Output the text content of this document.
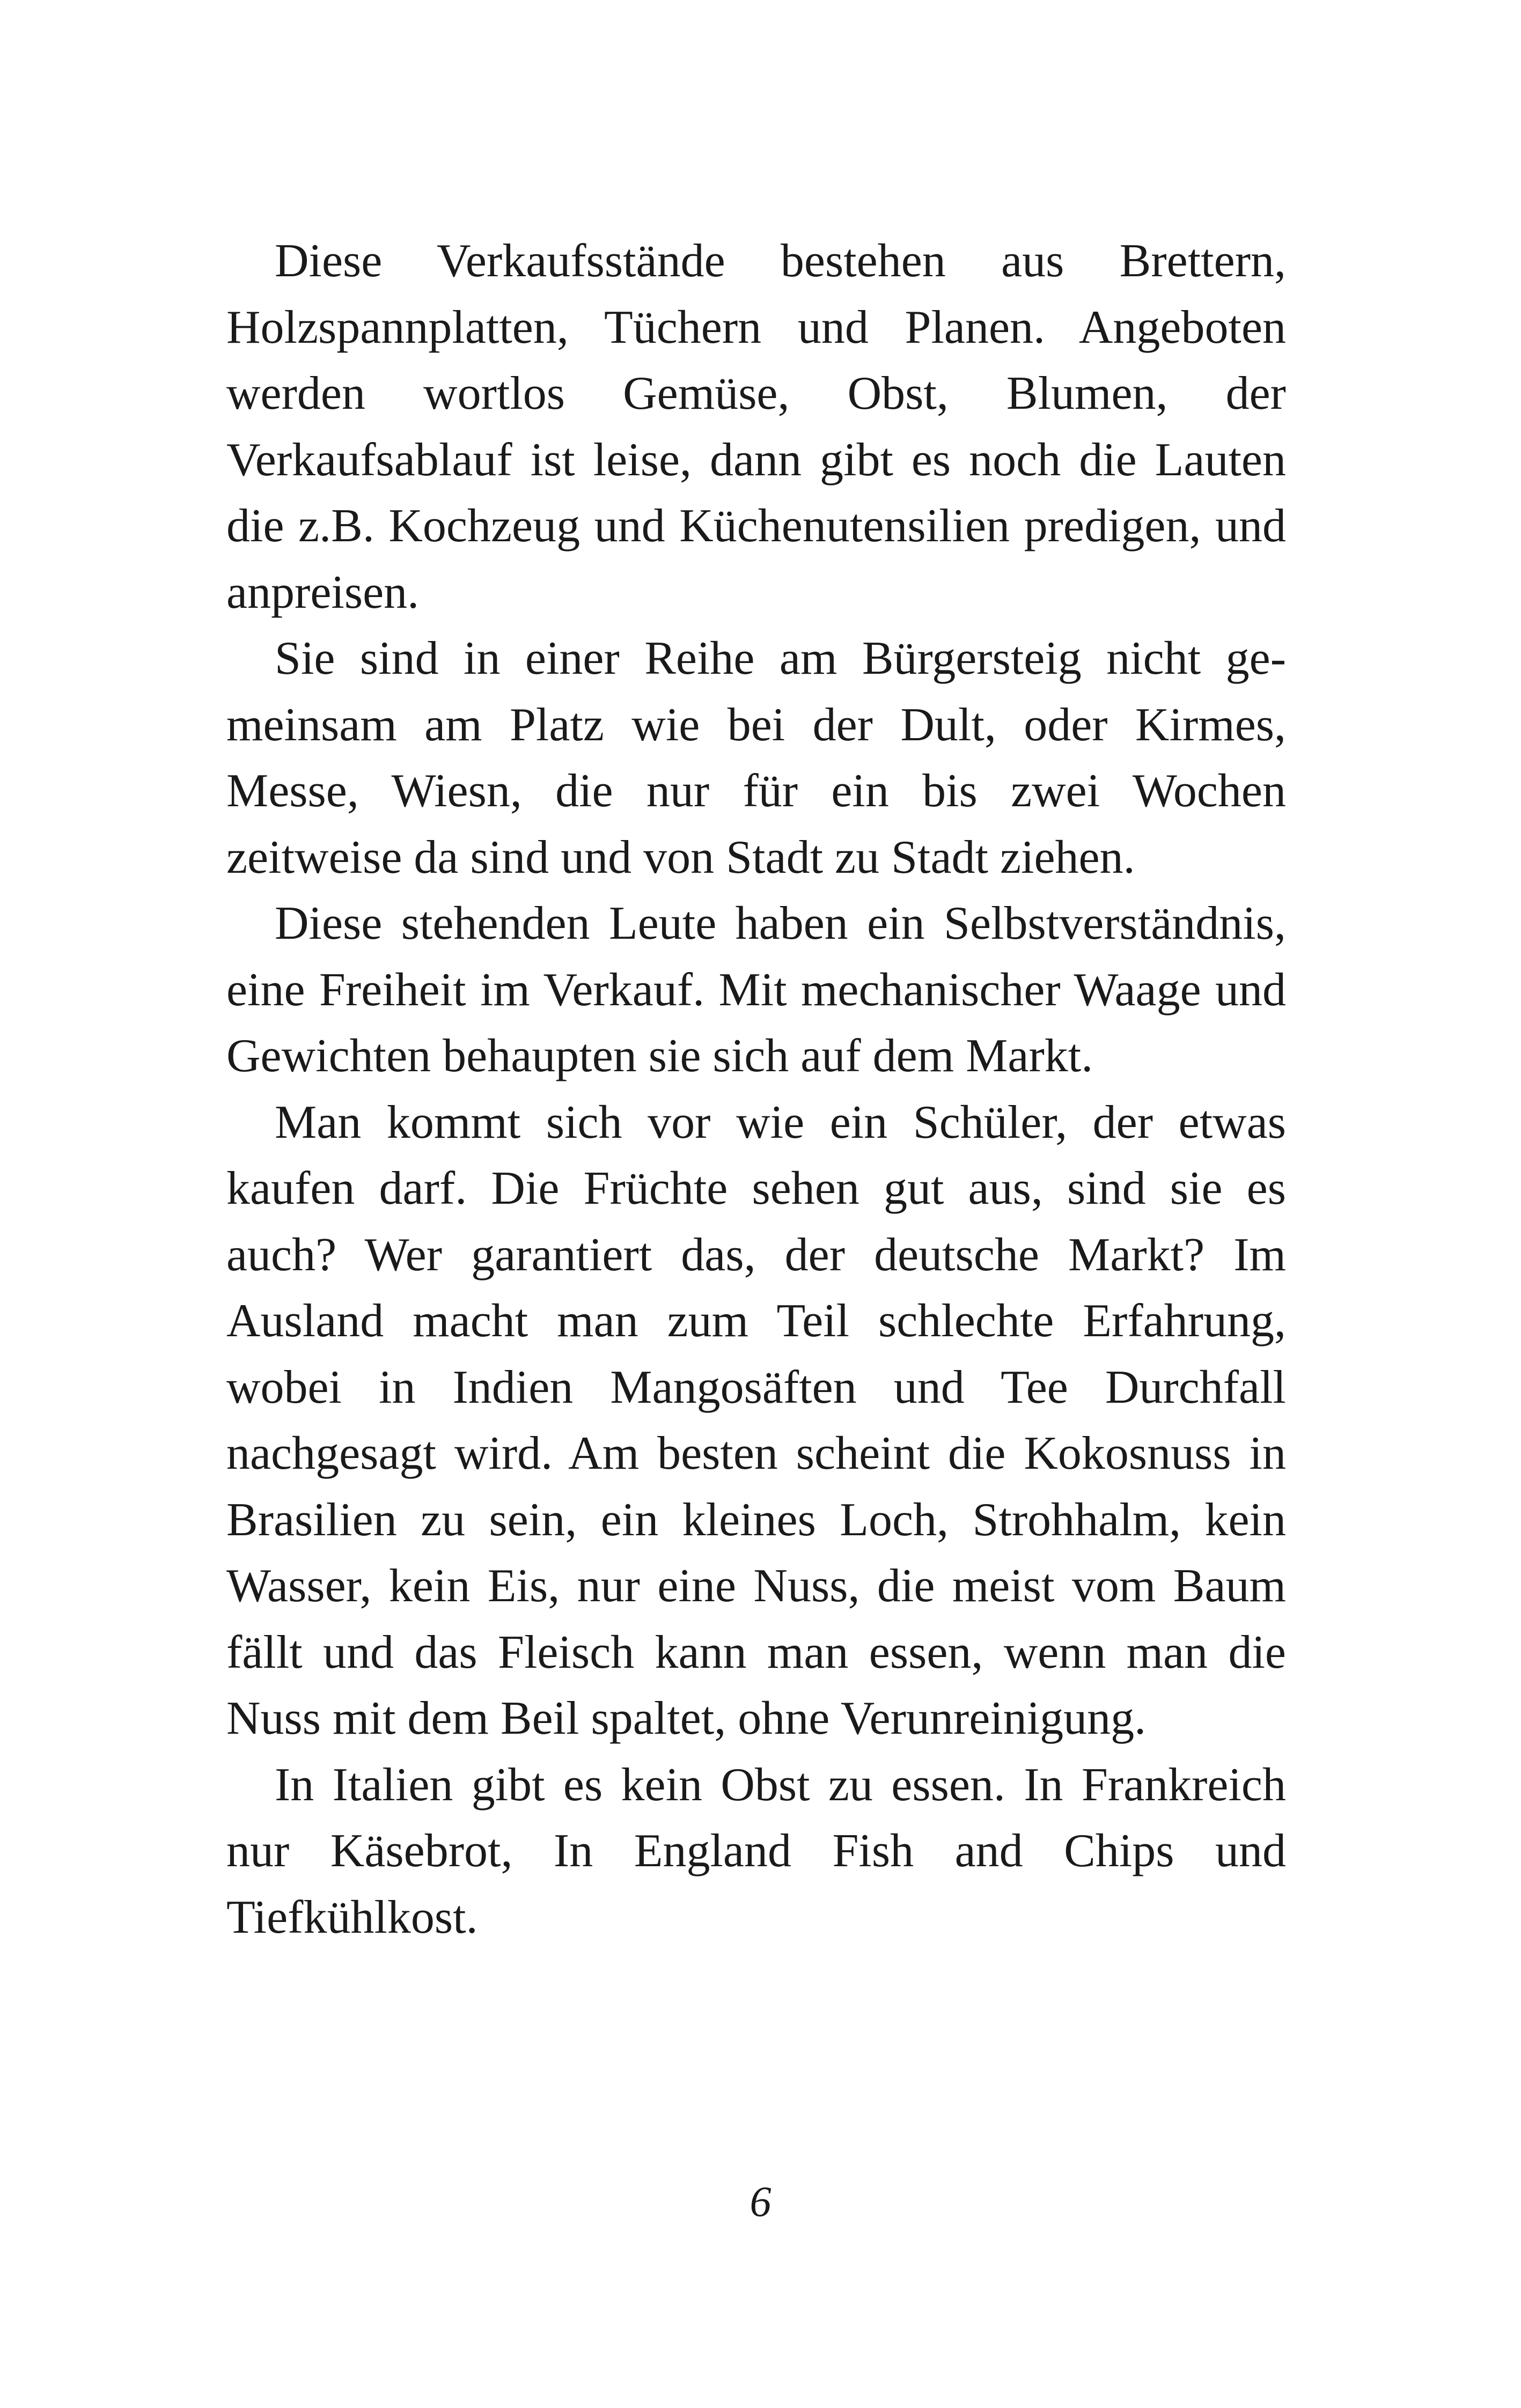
Diese Verkaufsstände bestehen aus Brettern, Holzspannplatten, Tüchern und Planen. Angeboten werden wortlos Gemüse, Obst, Blumen, der Verkaufsablauf ist leise, dann gibt es noch die Lauten die z.B. Kochzeug und Küchenutensilien predigen, und anpreisen.

Sie sind in einer Reihe am Bürgersteig nicht gemeinsam am Platz wie bei der Dult, oder Kirmes, Messe, Wiesn, die nur für ein bis zwei Wochen zeitweise da sind und von Stadt zu Stadt ziehen.

Diese stehenden Leute haben ein Selbstverständnis, eine Freiheit im Verkauf. Mit mechanischer Waage und Gewichten behaupten sie sich auf dem Markt.

Man kommt sich vor wie ein Schüler, der etwas kaufen darf. Die Früchte sehen gut aus, sind sie es auch? Wer garantiert das, der deutsche Markt? Im Ausland macht man zum Teil schlechte Erfahrung, wobei in Indien Mangosäften und Tee Durchfall nachgesagt wird. Am besten scheint die Kokosnuss in Brasilien zu sein, ein kleines Loch, Strohhalm, kein Wasser, kein Eis, nur eine Nuss, die meist vom Baum fällt und das Fleisch kann man essen, wenn man die Nuss mit dem Beil spaltet, ohne Verunreinigung.

In Italien gibt es kein Obst zu essen. In Frankreich nur Käsebrot, In England Fish and Chips und Tiefkühlkost.

6
